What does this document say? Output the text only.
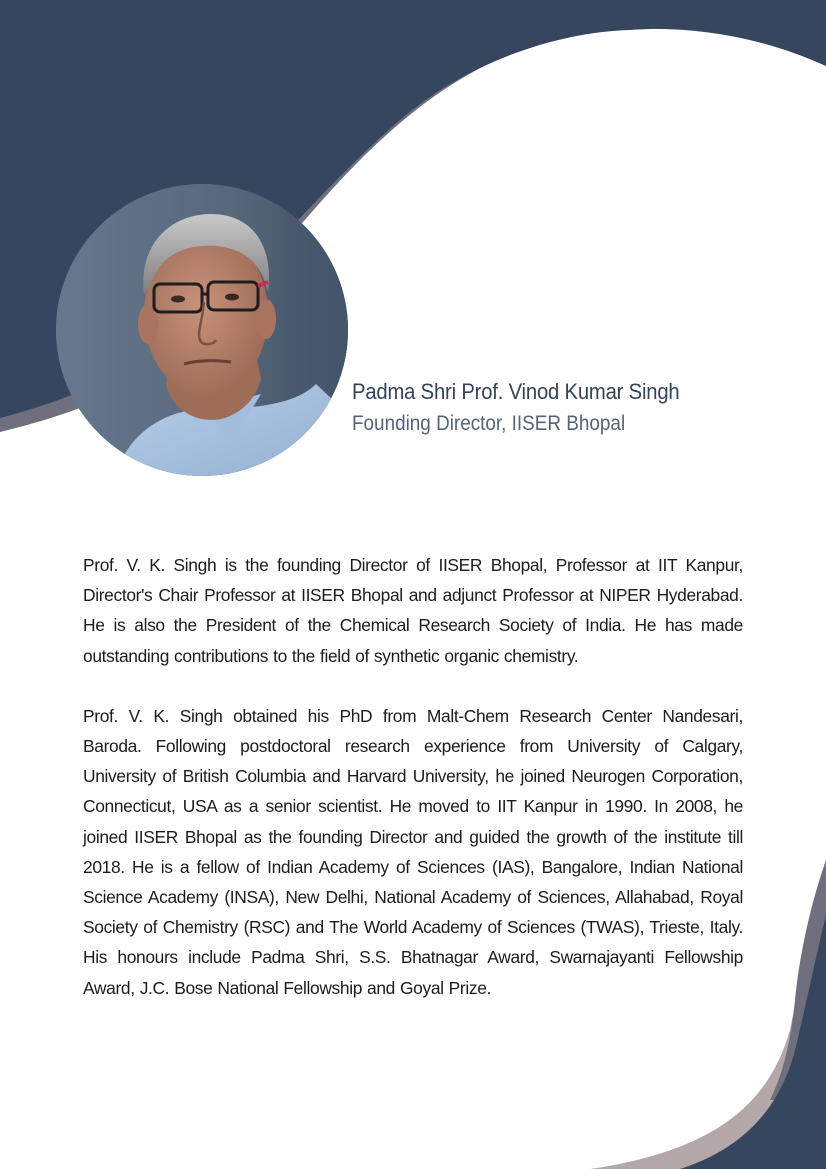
Padma Shri Prof. Vinod Kumar Singh
Founding Director, IISER Bhopal

Prof. V. K. Singh is the founding Director of IISER Bhopal, Professor at IIT Kanpur, Director's Chair Professor at IISER Bhopal and adjunct Professor at NIPER Hyderabad. He is also the President of the Chemical Research Society of India. He has made outstanding contributions to the field of synthetic organic chemistry.

Prof. V. K. Singh obtained his PhD from Malt-Chem Research Center Nandesari, Baroda. Following postdoctoral research experience from University of Calgary, University of British Columbia and Harvard University, he joined Neurogen Corporation, Connecticut, USA as a senior scientist. He moved to IIT Kanpur in 1990. In 2008, he joined IISER Bhopal as the founding Director and guided the growth of the institute till 2018. He is a fellow of Indian Academy of Sciences (IAS), Bangalore, Indian National Science Academy (INSA), New Delhi, National Academy of Sciences, Allahabad, Royal Society of Chemistry (RSC) and The World Academy of Sciences (TWAS), Trieste, Italy. His honours include Padma Shri, S.S. Bhatnagar Award, Swarnajayanti Fellowship Award, J.C. Bose National Fellowship and Goyal Prize.
